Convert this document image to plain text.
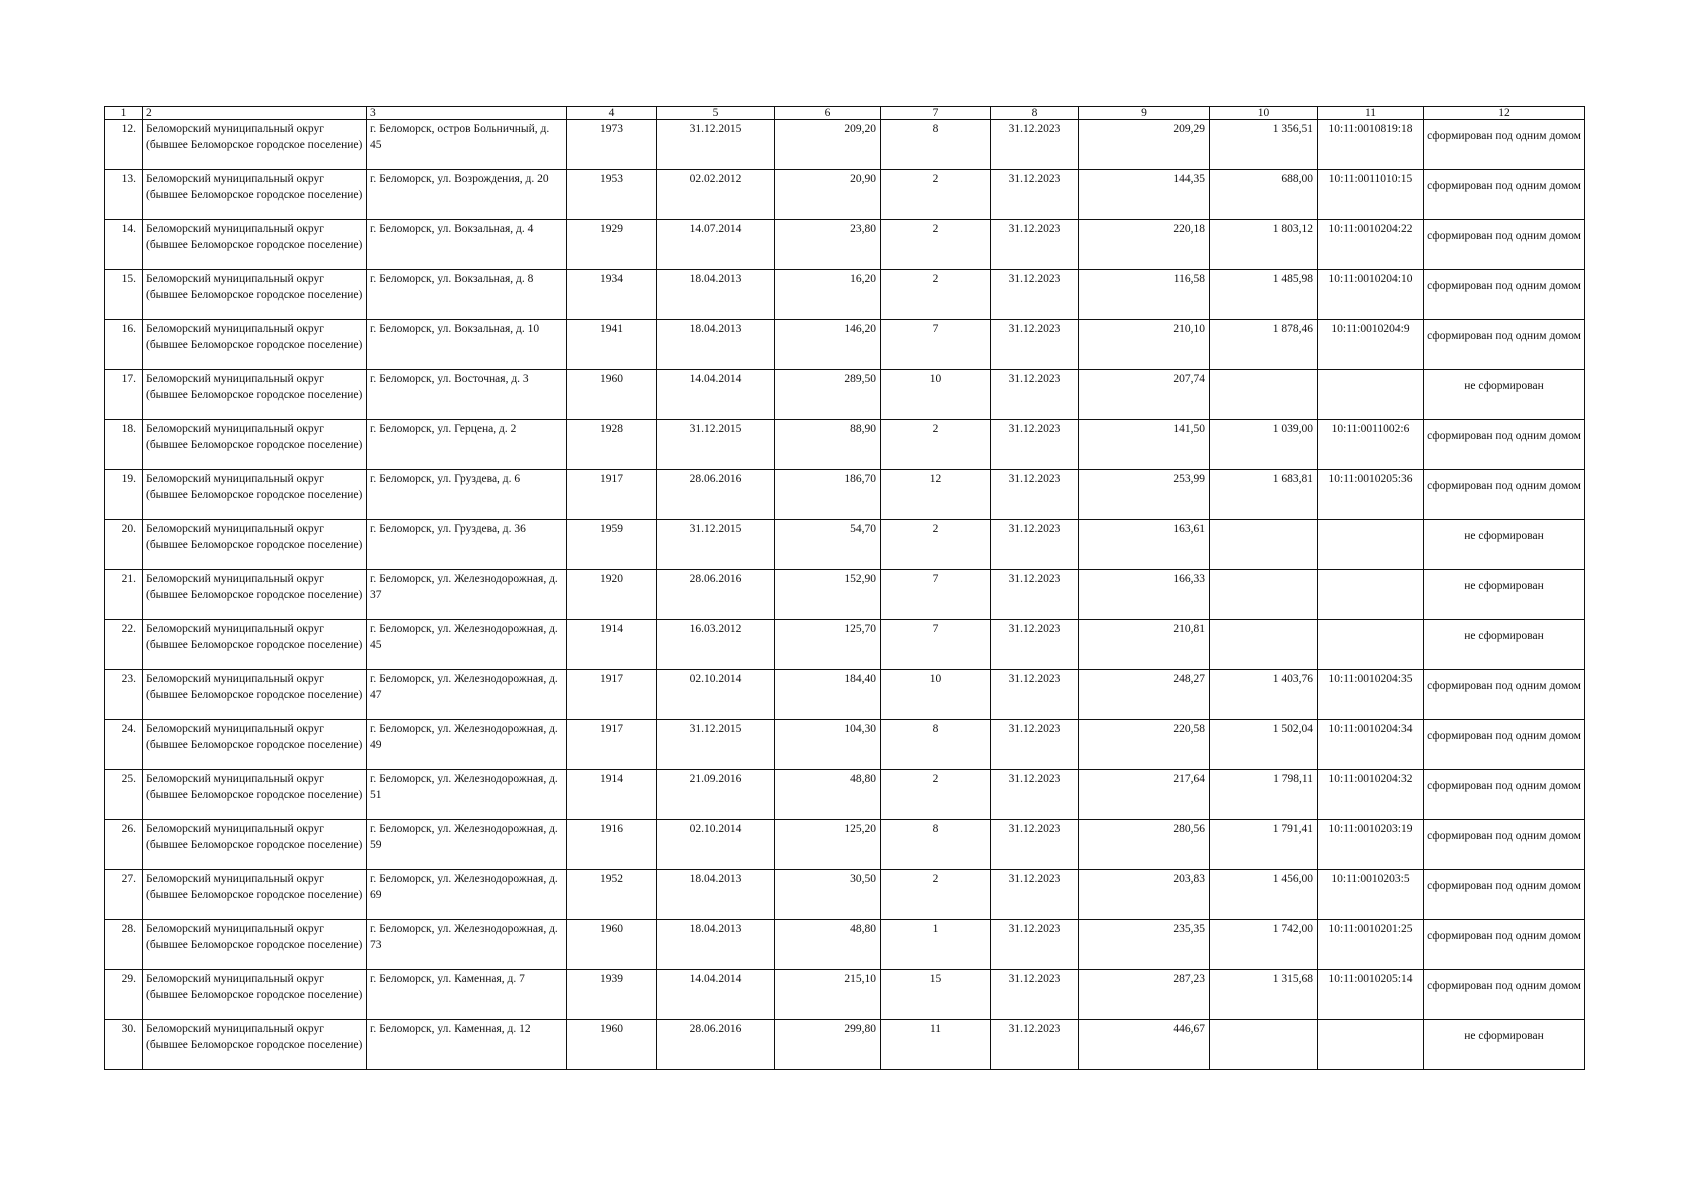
1	2	3	4	5	6	7	8	9	10	11	12
12.	Беломорский муниципальный округ (бывшее Беломорское городское поселение)	г. Беломорск, остров Больничный, д. 45	1973	31.12.2015	209,20	8	31.12.2023	209,29	1 356,51	10:11:0010819:18	сформирован под одним домом
13.	Беломорский муниципальный округ (бывшее Беломорское городское поселение)	г. Беломорск, ул. Возрождения, д. 20	1953	02.02.2012	20,90	2	31.12.2023	144,35	688,00	10:11:0011010:15	сформирован под одним домом
14.	Беломорский муниципальный округ (бывшее Беломорское городское поселение)	г. Беломорск, ул. Вокзальная, д. 4	1929	14.07.2014	23,80	2	31.12.2023	220,18	1 803,12	10:11:0010204:22	сформирован под одним домом
15.	Беломорский муниципальный округ (бывшее Беломорское городское поселение)	г. Беломорск, ул. Вокзальная, д. 8	1934	18.04.2013	16,20	2	31.12.2023	116,58	1 485,98	10:11:0010204:10	сформирован под одним домом
16.	Беломорский муниципальный округ (бывшее Беломорское городское поселение)	г. Беломорск, ул. Вокзальная, д. 10	1941	18.04.2013	146,20	7	31.12.2023	210,10	1 878,46	10:11:0010204:9	сформирован под одним домом
17.	Беломорский муниципальный округ (бывшее Беломорское городское поселение)	г. Беломорск, ул. Восточная, д. 3	1960	14.04.2014	289,50	10	31.12.2023	207,74			не сформирован
18.	Беломорский муниципальный округ (бывшее Беломорское городское поселение)	г. Беломорск, ул. Герцена, д. 2	1928	31.12.2015	88,90	2	31.12.2023	141,50	1 039,00	10:11:0011002:6	сформирован под одним домом
19.	Беломорский муниципальный округ (бывшее Беломорское городское поселение)	г. Беломорск, ул. Груздева, д. 6	1917	28.06.2016	186,70	12	31.12.2023	253,99	1 683,81	10:11:0010205:36	сформирован под одним домом
20.	Беломорский муниципальный округ (бывшее Беломорское городское поселение)	г. Беломорск, ул. Груздева, д. 36	1959	31.12.2015	54,70	2	31.12.2023	163,61			не сформирован
21.	Беломорский муниципальный округ (бывшее Беломорское городское поселение)	г. Беломорск, ул. Железнодорожная, д. 37	1920	28.06.2016	152,90	7	31.12.2023	166,33			не сформирован
22.	Беломорский муниципальный округ (бывшее Беломорское городское поселение)	г. Беломорск, ул. Железнодорожная, д. 45	1914	16.03.2012	125,70	7	31.12.2023	210,81			не сформирован
23.	Беломорский муниципальный округ (бывшее Беломорское городское поселение)	г. Беломорск, ул. Железнодорожная, д. 47	1917	02.10.2014	184,40	10	31.12.2023	248,27	1 403,76	10:11:0010204:35	сформирован под одним домом
24.	Беломорский муниципальный округ (бывшее Беломорское городское поселение)	г. Беломорск, ул. Железнодорожная, д. 49	1917	31.12.2015	104,30	8	31.12.2023	220,58	1 502,04	10:11:0010204:34	сформирован под одним домом
25.	Беломорский муниципальный округ (бывшее Беломорское городское поселение)	г. Беломорск, ул. Железнодорожная, д. 51	1914	21.09.2016	48,80	2	31.12.2023	217,64	1 798,11	10:11:0010204:32	сформирован под одним домом
26.	Беломорский муниципальный округ (бывшее Беломорское городское поселение)	г. Беломорск, ул. Железнодорожная, д. 59	1916	02.10.2014	125,20	8	31.12.2023	280,56	1 791,41	10:11:0010203:19	сформирован под одним домом
27.	Беломорский муниципальный округ (бывшее Беломорское городское поселение)	г. Беломорск, ул. Железнодорожная, д. 69	1952	18.04.2013	30,50	2	31.12.2023	203,83	1 456,00	10:11:0010203:5	сформирован под одним домом
28.	Беломорский муниципальный округ (бывшее Беломорское городское поселение)	г. Беломорск, ул. Железнодорожная, д. 73	1960	18.04.2013	48,80	1	31.12.2023	235,35	1 742,00	10:11:0010201:25	сформирован под одним домом
29.	Беломорский муниципальный округ (бывшее Беломорское городское поселение)	г. Беломорск, ул. Каменная, д. 7	1939	14.04.2014	215,10	15	31.12.2023	287,23	1 315,68	10:11:0010205:14	сформирован под одним домом
30.	Беломорский муниципальный округ (бывшее Беломорское городское поселение)	г. Беломорск, ул. Каменная, д. 12	1960	28.06.2016	299,80	11	31.12.2023	446,67			не сформирован
